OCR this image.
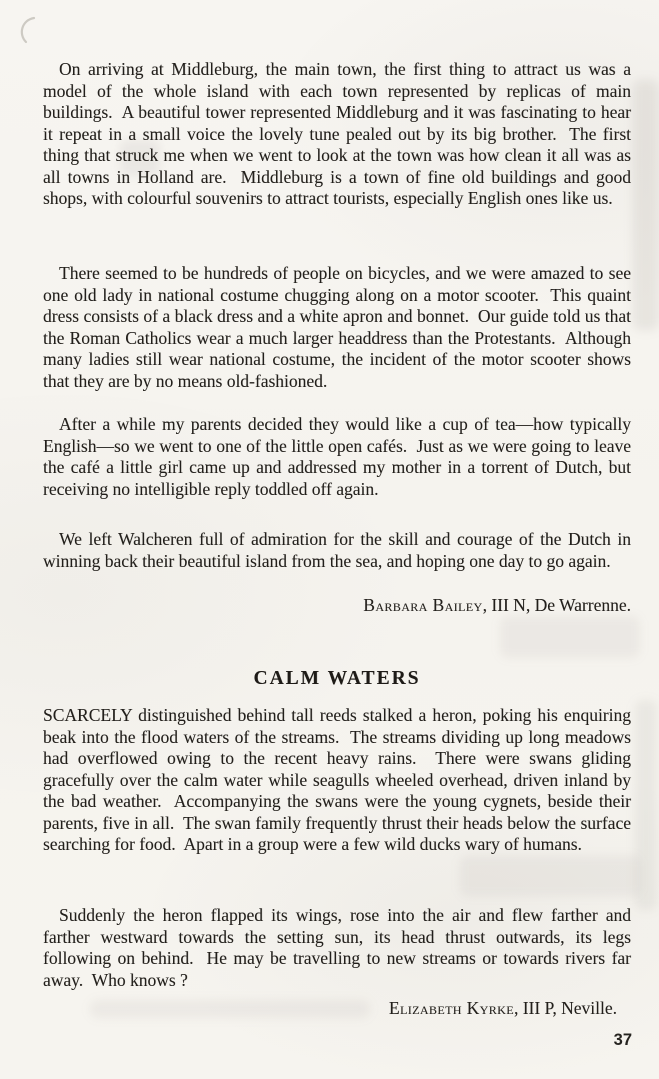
On arriving at Middleburg, the main town, the first thing to attract us was a model of the whole island with each town represented by replicas of main buildings.  A beautiful tower represented Middleburg and it was fascinating to hear it repeat in a small voice the lovely tune pealed out by its big brother.  The first thing that struck me when we went to look at the town was how clean it all was as all towns in Holland are.  Middleburg is a town of fine old buildings and good shops, with colourful souvenirs to attract tourists, especially English ones like us.

There seemed to be hundreds of people on bicycles, and we were amazed to see one old lady in national costume chugging along on a motor scooter.  This quaint dress consists of a black dress and a white apron and bonnet.  Our guide told us that the Roman Catholics wear a much larger headdress than the Protestants.  Although many ladies still wear national costume, the incident of the motor scooter shows that they are by no means old-fashioned.

After a while my parents decided they would like a cup of tea—how typically English—so we went to one of the little open cafés.  Just as we were going to leave the café a little girl came up and addressed my mother in a torrent of Dutch, but receiving no intelligible reply toddled off again.

We left Walcheren full of admiration for the skill and courage of the Dutch in winning back their beautiful island from the sea, and hoping one day to go again.

Barbara Bailey, III N, De Warrenne.

CALM WATERS

SCARCELY distinguished behind tall reeds stalked a heron, poking his enquiring beak into the flood waters of the streams.  The streams dividing up long meadows had overflowed owing to the recent heavy rains.  There were swans gliding gracefully over the calm water while seagulls wheeled overhead, driven inland by the bad weather.  Accompanying the swans were the young cygnets, beside their parents, five in all.  The swan family frequently thrust their heads below the surface searching for food.  Apart in a group were a few wild ducks wary of humans.

Suddenly the heron flapped its wings, rose into the air and flew farther and farther westward towards the setting sun, its head thrust outwards, its legs following on behind.  He may be travelling to new streams or towards rivers far away.  Who knows ?

Elizabeth Kyrke, III P, Neville.

37
